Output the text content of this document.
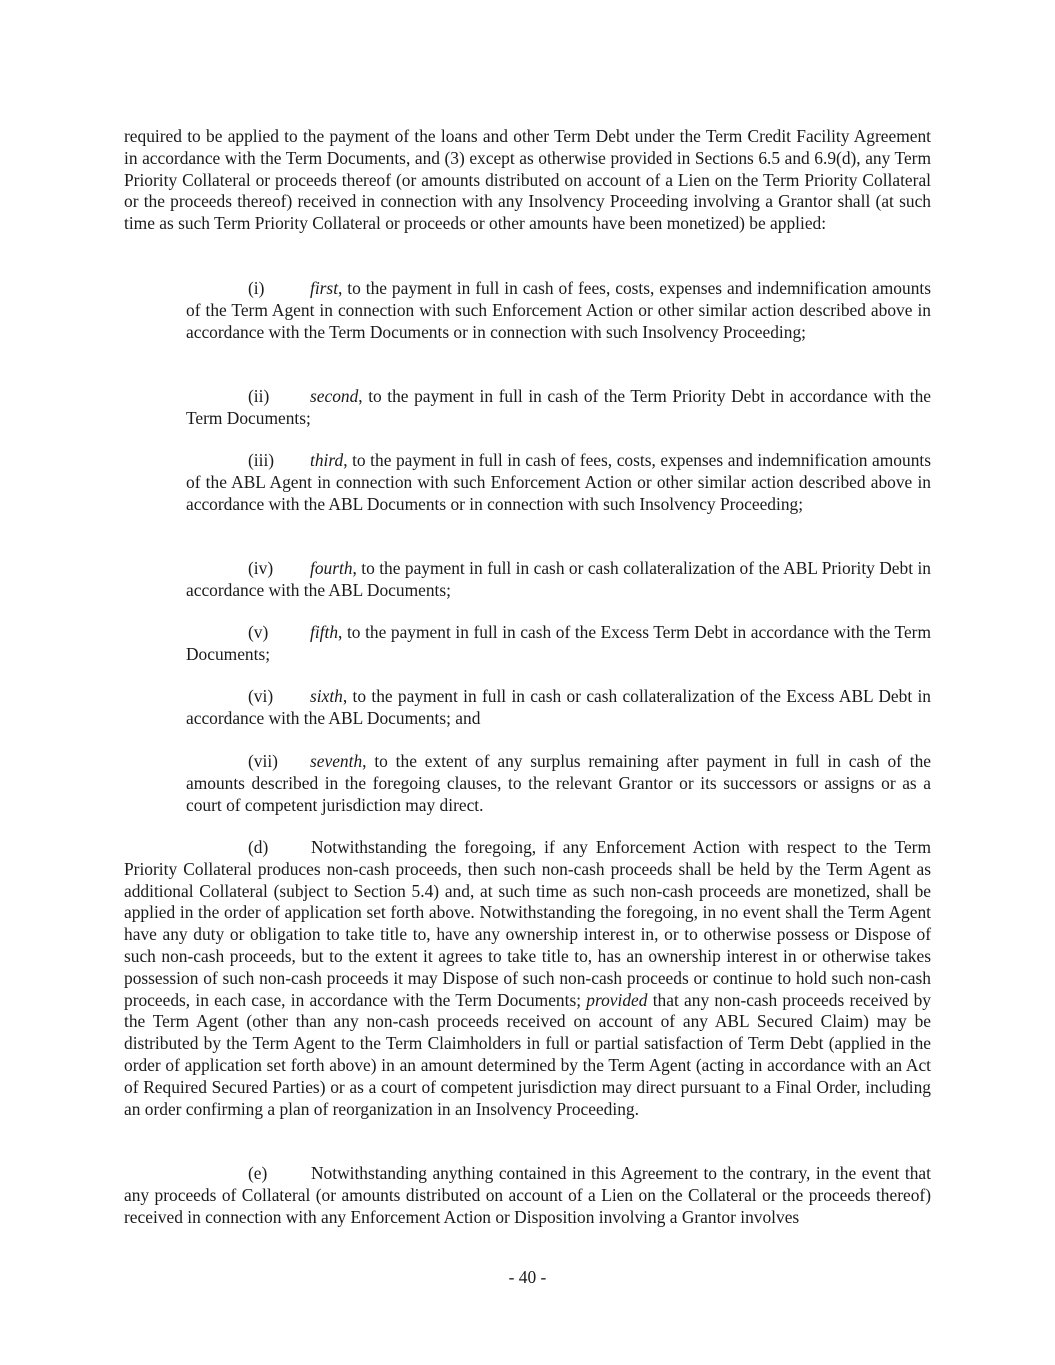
required to be applied to the payment of the loans and other Term Debt under the Term Credit Facility Agreement in accordance with the Term Documents, and (3) except as otherwise provided in Sections 6.5 and 6.9(d), any Term Priority Collateral or proceeds thereof (or amounts distributed on account of a Lien on the Term Priority Collateral or the proceeds thereof) received in connection with any Insolvency Proceeding involving a Grantor shall (at such time as such Term Priority Collateral or proceeds or other amounts have been monetized) be applied:

(i)	first, to the payment in full in cash of fees, costs, expenses and indemnification amounts of the Term Agent in connection with such Enforcement Action or other similar action described above in accordance with the Term Documents or in connection with such Insolvency Proceeding;

(ii) second, to the payment in full in cash of the Term Priority Debt in accordance with the Term Documents;

(iii) third, to the payment in full in cash of fees, costs, expenses and indemnification amounts of the ABL Agent in connection with such Enforcement Action or other similar action described above in accordance with the ABL Documents or in connection with such Insolvency Proceeding;

(iv) fourth, to the payment in full in cash or cash collateralization of the ABL Priority Debt in accordance with the ABL Documents;

(v) fifth, to the payment in full in cash of the Excess Term Debt in accordance with the Term Documents;

(vi) sixth, to the payment in full in cash or cash collateralization of the Excess ABL Debt in accordance with the ABL Documents; and

(vii) seventh, to the extent of any surplus remaining after payment in full in cash of the amounts described in the foregoing clauses, to the relevant Grantor or its successors or assigns or as a court of competent jurisdiction may direct.

(d) Notwithstanding the foregoing, if any Enforcement Action with respect to the Term Priority Collateral produces non-cash proceeds, then such non-cash proceeds shall be held by the Term Agent as additional Collateral (subject to Section 5.4) and, at such time as such non-cash proceeds are monetized, shall be applied in the order of application set forth above. Notwithstanding the foregoing, in no event shall the Term Agent have any duty or obligation to take title to, have any ownership interest in, or to otherwise possess or Dispose of such non-cash proceeds, but to the extent it agrees to take title to, has an ownership interest in or otherwise takes possession of such non-cash proceeds it may Dispose of such non-cash proceeds or continue to hold such non-cash proceeds, in each case, in accordance with the Term Documents; provided that any non-cash proceeds received by the Term Agent (other than any non-cash proceeds received on account of any ABL Secured Claim) may be distributed by the Term Agent to the Term Claimholders in full or partial satisfaction of Term Debt (applied in the order of application set forth above) in an amount determined by the Term Agent (acting in accordance with an Act of Required Secured Parties) or as a court of competent jurisdiction may direct pursuant to a Final Order, including an order confirming a plan of reorganization in an Insolvency Proceeding.

(e)	Notwithstanding anything contained in this Agreement to the contrary, in the event that any proceeds of Collateral (or amounts distributed on account of a Lien on the Collateral or the proceeds thereof) received in connection with any Enforcement Action or Disposition involving a Grantor involves

- 40 -
